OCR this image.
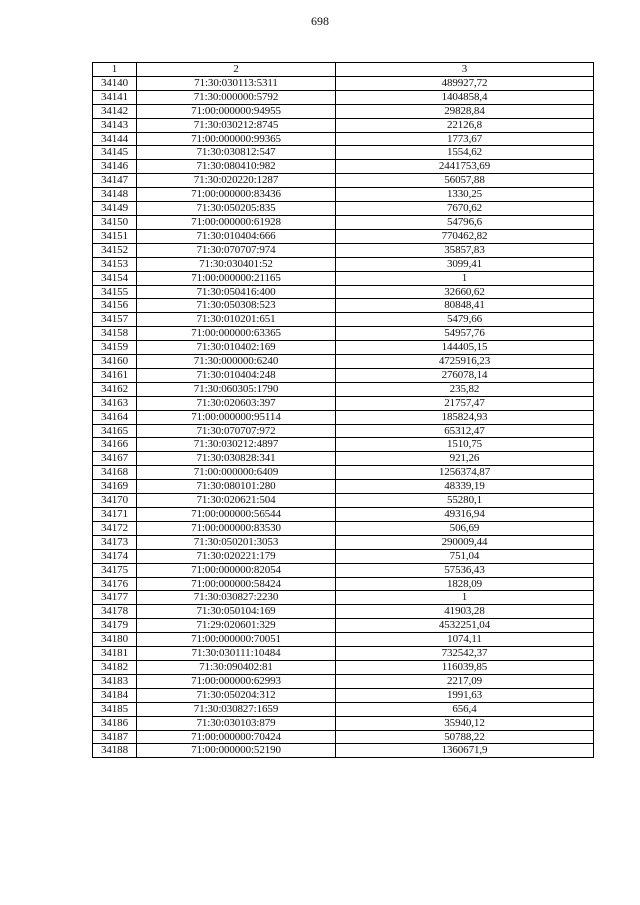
698
1	2	3
34140	71:30:030113:5311	489927,72
34141	71:30:000000:5792	1404858,4
34142	71:00:000000:94955	29828,84
34143	71:30:030212:8745	22126,8
34144	71:00:000000:99365	1773,67
34145	71:30:030812:547	1554,62
34146	71:30:080410:982	2441753,69
34147	71:30:020220:1287	56057,88
34148	71:00:000000:83436	1330,25
34149	71:30:050205:835	7670,62
34150	71:00:000000:61928	54796,6
34151	71:30:010404:666	770462,82
34152	71:30:070707:974	35857,83
34153	71:30:030401:52	3099,41
34154	71:00:000000:21165	1
34155	71:30:050416:400	32660,62
34156	71:30:050308:523	80848,41
34157	71:30:010201:651	5479,66
34158	71:00:000000:63365	54957,76
34159	71:30:010402:169	144405,15
34160	71:30:000000:6240	4725916,23
34161	71:30:010404:248	276078,14
34162	71:30:060305:1790	235,82
34163	71:30:020603:397	21757,47
34164	71:00:000000:95114	185824,93
34165	71:30:070707:972	65312,47
34166	71:30:030212:4897	1510,75
34167	71:30:030828:341	921,26
34168	71:00:000000:6409	1256374,87
34169	71:30:080101:280	48339,19
34170	71:30:020621:504	55280,1
34171	71:00:000000:56544	49316,94
34172	71:00:000000:83530	506,69
34173	71:30:050201:3053	290009,44
34174	71:30:020221:179	751,04
34175	71:00:000000:82054	57536,43
34176	71:00:000000:58424	1828,09
34177	71:30:030827:2230	1
34178	71:30:050104:169	41903,28
34179	71:29:020601:329	4532251,04
34180	71:00:000000:70051	1074,11
34181	71:30:030111:10484	732542,37
34182	71:30:090402:81	116039,85
34183	71:00:000000:62993	2217,09
34184	71:30:050204:312	1991,63
34185	71:30:030827:1659	656,4
34186	71:30:030103:879	35940,12
34187	71:00:000000:70424	50788,22
34188	71:00:000000:52190	1360671,9
